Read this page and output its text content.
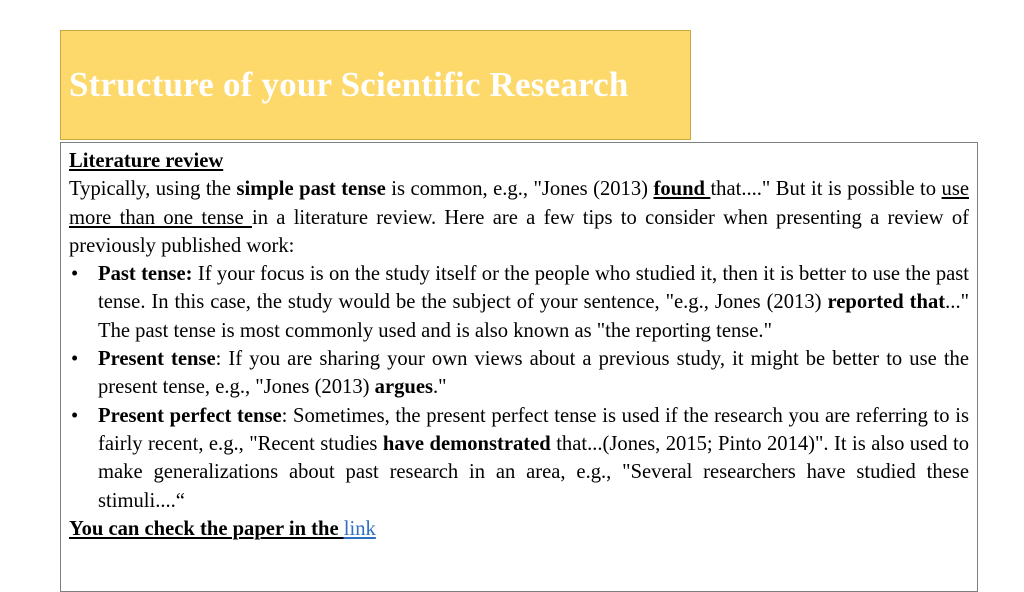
Structure of your Scientific Research

Literature review

Typically, using the simple past tense is common, e.g., "Jones (2013) found that...." But it is possible to use more than one tense in a literature review. Here are a few tips to consider when presenting a review of previously published work:

• Past tense: If your focus is on the study itself or the people who studied it, then it is better to use the past tense. In this case, the study would be the subject of your sentence, "e.g., Jones (2013) reported that..." The past tense is most commonly used and is also known as "the reporting tense."
• Present tense: If you are sharing your own views about a previous study, it might be better to use the present tense, e.g., "Jones (2013) argues."
• Present perfect tense: Sometimes, the present perfect tense is used if the research you are referring to is fairly recent, e.g., "Recent studies have demonstrated that...(Jones, 2015; Pinto 2014)". It is also used to make generalizations about past research in an area, e.g., "Several researchers have studied these stimuli....“

You can check the paper in the link
